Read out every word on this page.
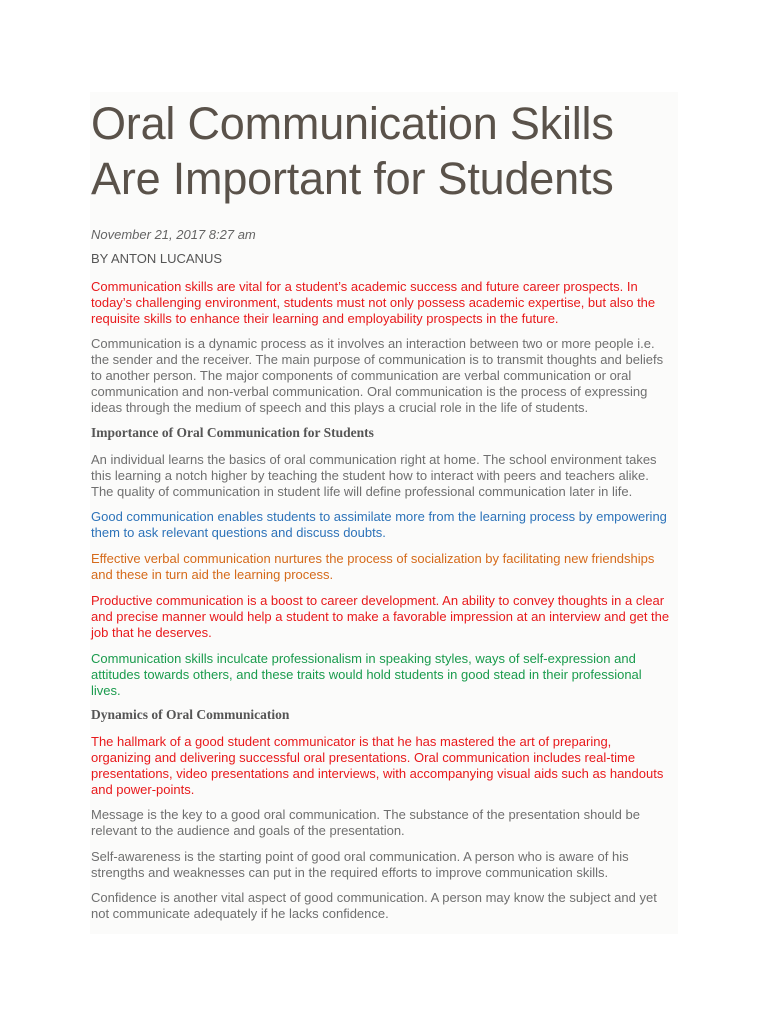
Oral Communication Skills
Are Important for Students

November 21, 2017 8:27 am

BY ANTON LUCANUS

Communication skills are vital for a student’s academic success and future career prospects. In
today’s challenging environment, students must not only possess academic expertise, but also the
requisite skills to enhance their learning and employability prospects in the future.

Communication is a dynamic process as it involves an interaction between two or more people i.e.
the sender and the receiver. The main purpose of communication is to transmit thoughts and beliefs
to another person. The major components of communication are verbal communication or oral
communication and non-verbal communication. Oral communication is the process of expressing
ideas through the medium of speech and this plays a crucial role in the life of students.

Importance of Oral Communication for Students

An individual learns the basics of oral communication right at home. The school environment takes
this learning a notch higher by teaching the student how to interact with peers and teachers alike.
The quality of communication in student life will define professional communication later in life.

Good communication enables students to assimilate more from the learning process by empowering
them to ask relevant questions and discuss doubts.

Effective verbal communication nurtures the process of socialization by facilitating new friendships
and these in turn aid the learning process.

Productive communication is a boost to career development. An ability to convey thoughts in a clear
and precise manner would help a student to make a favorable impression at an interview and get the
job that he deserves.

Communication skills inculcate professionalism in speaking styles, ways of self-expression and
attitudes towards others, and these traits would hold students in good stead in their professional
lives.

Dynamics of Oral Communication

The hallmark of a good student communicator is that he has mastered the art of preparing,
organizing and delivering successful oral presentations. Oral communication includes real-time
presentations, video presentations and interviews, with accompanying visual aids such as handouts
and power-points.

Message is the key to a good oral communication. The substance of the presentation should be
relevant to the audience and goals of the presentation.

Self-awareness is the starting point of good oral communication. A person who is aware of his
strengths and weaknesses can put in the required efforts to improve communication skills.

Confidence is another vital aspect of good communication. A person may know the subject and yet
not communicate adequately if he lacks confidence.
